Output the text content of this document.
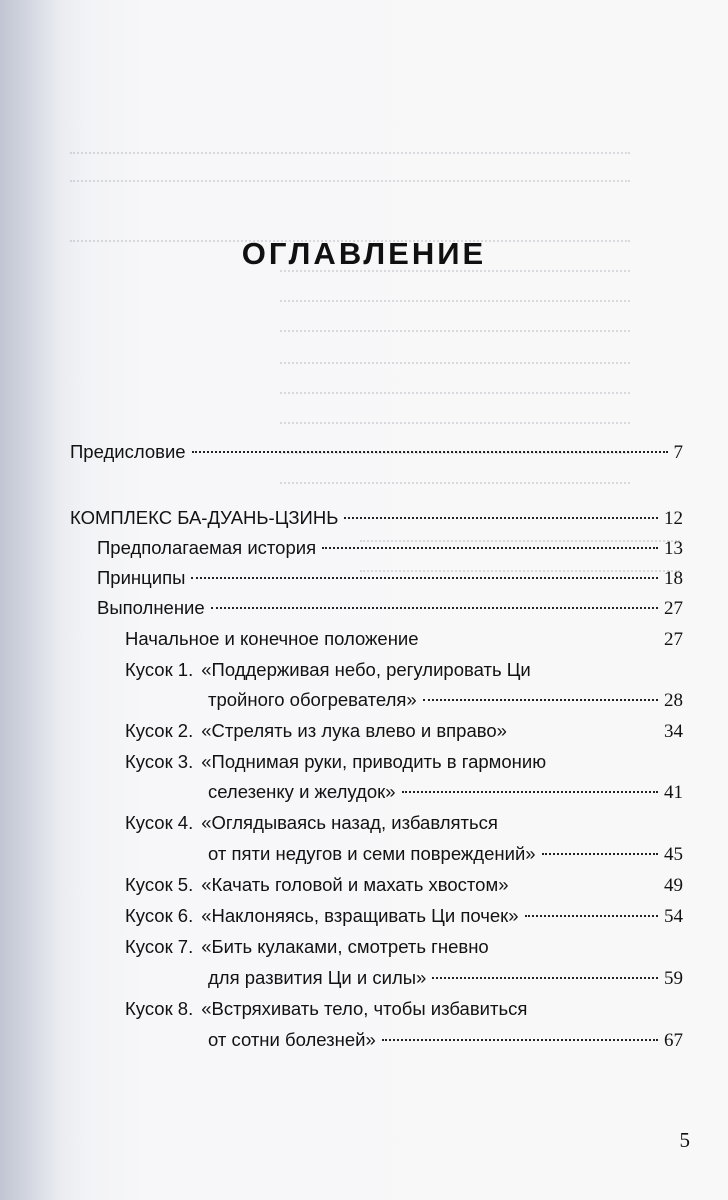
ОГЛАВЛЕНИЕ
Предисловие	7
КОМПЛЕКС БА-ДУАНЬ-ЦЗИНЬ	12
Предполагаемая история	13
Принципы	18
Выполнение	27
Начальное и конечное положение	27
Кусок 1. «Поддерживая небо, регулировать Ци
тройного обогревателя»	28
Кусок 2. «Стрелять из лука влево и вправо»	34
Кусок 3. «Поднимая руки, приводить в гармонию
селезенку и желудок»	41
Кусок 4. «Оглядываясь назад, избавляться
от пяти недугов и семи повреждений»	45
Кусок 5. «Качать головой и махать хвостом»	49
Кусок 6. «Наклоняясь, взращивать Ци почек»	54
Кусок 7. «Бить кулаками, смотреть гневно
для развития Ци и силы»	59
Кусок 8. «Встряхивать тело, чтобы избавиться
от сотни болезней»	67
5
